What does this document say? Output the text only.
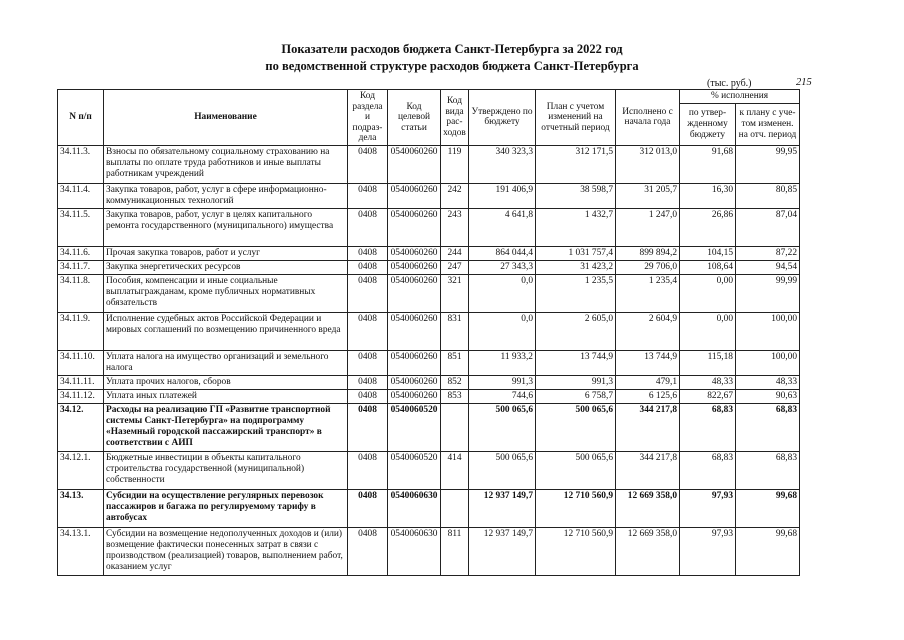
Показатели расходов бюджета Санкт-Петербурга за 2022 год
по ведомственной структуре расходов бюджета Санкт-Петербурга
(тыс. руб.)	215
N п/п	Наименование	Код раздела и подраз-дела	Код целевой статьи	Код вида рас-ходов	Утверждено по бюджету	План с учетом изменений на отчетный период	Исполнено с начала года	% исполнения	
								по утвер-жденному бюджету	к плану с уче-том изменен. на отч. период
34.11.3.	Взносы по обязательному социальному страхованию на выплаты по оплате труда работников и иные выплаты работникам учреждений	0408	0540060260	119	340 323,3	312 171,5	312 013,0	91,68	99,95
34.11.4.	Закупка товаров, работ, услуг в сфере информационно-коммуникационных технологий	0408	0540060260	242	191 406,9	38 598,7	31 205,7	16,30	80,85
34.11.5.	Закупка товаров, работ, услуг в целях капитального ремонта государственного (муниципального) имущества	0408	0540060260	243	4 641,8	1 432,7	1 247,0	26,86	87,04
34.11.6.	Прочая закупка товаров, работ и услуг	0408	0540060260	244	864 044,4	1 031 757,4	899 894,2	104,15	87,22
34.11.7.	Закупка энергетических ресурсов	0408	0540060260	247	27 343,3	31 423,2	29 706,0	108,64	94,54
34.11.8.	Пособия, компенсации и иные социальные выплатыгражданам, кроме публичных нормативных обязательств	0408	0540060260	321	0,0	1 235,5	1 235,4	0,00	99,99
34.11.9.	Исполнение судебных актов Российской Федерации и мировых соглашений по возмещению причиненного вреда	0408	0540060260	831	0,0	2 605,0	2 604,9	0,00	100,00
34.11.10.	Уплата налога на имущество организаций и земельного налога	0408	0540060260	851	11 933,2	13 744,9	13 744,9	115,18	100,00
34.11.11.	Уплата прочих налогов, сборов	0408	0540060260	852	991,3	991,3	479,1	48,33	48,33
34.11.12.	Уплата иных платежей	0408	0540060260	853	744,6	6 758,7	6 125,6	822,67	90,63
34.12.	Расходы на реализацию ГП «Развитие транспортной системы Санкт-Петербурга» на подпрограмму «Наземный городской пассажирский транспорт» в соответствии с АИП	0408	0540060520		500 065,6	500 065,6	344 217,8	68,83	68,83
34.12.1.	Бюджетные инвестиции в объекты капитального строительства государственной (муниципальной) собственности	0408	0540060520	414	500 065,6	500 065,6	344 217,8	68,83	68,83
34.13.	Субсидии на осуществление регулярных перевозок пассажиров и багажа по регулируемому тарифу в автобусах	0408	0540060630		12 937 149,7	12 710 560,9	12 669 358,0	97,93	99,68
34.13.1.	Субсидии на возмещение недополученных доходов и (или) возмещение фактически понесенных затрат в связи с производством (реализацией) товаров, выполнением работ, оказанием услуг	0408	0540060630	811	12 937 149,7	12 710 560,9	12 669 358,0	97,93	99,68
